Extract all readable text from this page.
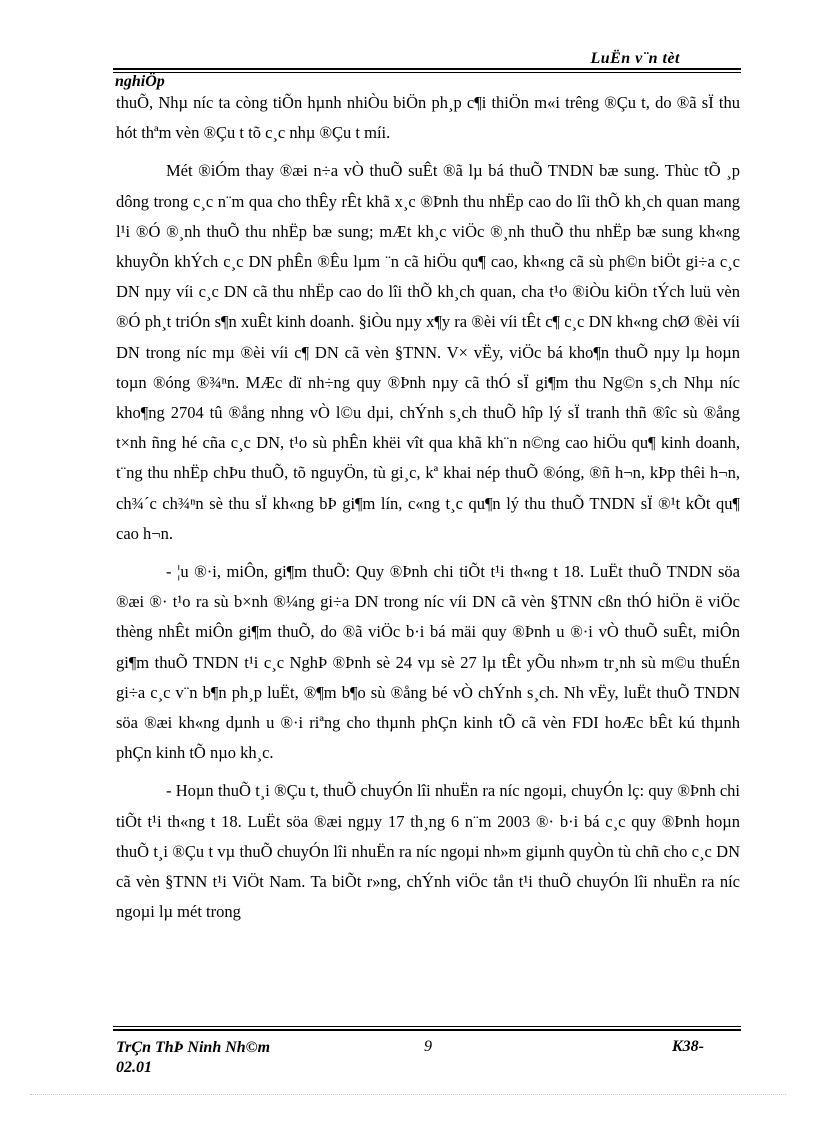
LuËn v¨n tèt
nghiÖp

thuÕ, Nhµ níc ta còng tiÕn hµnh nhiÒu biÖn ph¸p c¶i thiÖn m«i trêng ®Çu t, do ®ã sÏ thu hót thªm vèn ®Çu t tõ c¸c nhµ ®Çu t míi.

Mét ®iÓm thay ®æi n÷a vÒ thuÕ suÊt ®ã lµ bá thuÕ TNDN bæ sung. Thùc tÕ ¸p dông trong c¸c n¨m qua cho thÊy rÊt khã x¸c ®Þnh thu nhËp cao do lîi thÕ kh¸ch quan mang l¹i ®Ó ®¸nh thuÕ thu nhËp bæ sung; mÆt kh¸c viÖc ®¸nh thuÕ thu nhËp bæ sung kh«ng khuyÕn khÝch c¸c DN phÊn ®Êu lµm ¨n cã hiÖu qu¶ cao, kh«ng cã sù ph©n biÖt gi÷a c¸c DN nµy víi c¸c DN cã thu nhËp cao do lîi thÕ kh¸ch quan, cha t¹o ®iÒu kiÖn tÝch luü vèn ®Ó ph¸t triÓn s¶n xuÊt kinh doanh. §iÒu nµy x¶y ra ®èi víi tÊt c¶ c¸c DN kh«ng chØ ®èi víi DN trong níc mµ ®èi víi c¶ DN cã vèn §TNN. V× vËy, viÖc bá kho¶n thuÕ nµy lµ hoµn toµn ®óng ®¾ⁿn. MÆc dï nh÷ng quy ®Þnh nµy cã thÓ sÏ gi¶m thu Ng©n s¸ch Nhµ níc kho¶ng 2704 tû ®ång nhng vÒ l©u dµi, chÝnh s¸ch thuÕ hîp lý sÏ tranh thñ ®îc sù ®ång t×nh ñng hé cña c¸c DN, t¹o sù phÊn khëi vît qua khã kh¨n n©ng cao hiÖu qu¶ kinh doanh, t¨ng thu nhËp chÞu thuÕ, tõ nguyÖn, tù gi¸c, kª khai nép thuÕ ®óng, ®ñ h¬n, kÞp thêi h¬n, ch¾´c ch¾ⁿn sè thu sÏ kh«ng bÞ gi¶m lín, c«ng t¸c qu¶n lý thu thuÕ TNDN sÏ ®¹t kÕt qu¶ cao h¬n.

- ¦u ®·i, miÔn, gi¶m thuÕ: Quy ®Þnh chi tiÕt t¹i th«ng t 18. LuËt thuÕ TNDN söa ®æi ®· t¹o ra sù b×nh ®¼ng gi÷a DN trong níc víi DN cã vèn §TNN cßn thÓ hiÖn ë viÖc thèng nhÊt miÔn gi¶m thuÕ, do ®ã viÖc b·i bá mäi quy ®Þnh u ®·i vÒ thuÕ suÊt, miÔn gi¶m thuÕ TNDN t¹i c¸c NghÞ ®Þnh sè 24 vµ sè 27 lµ tÊt yÕu nh»m tr¸nh sù m©u thuÉn gi÷a c¸c v¨n b¶n ph¸p luËt, ®¶m b¶o sù ®ång bé vÒ chÝnh s¸ch. Nh vËy, luËt thuÕ TNDN söa ®æi kh«ng dµnh u ®·i riªng cho thµnh phÇn kinh tÕ cã vèn FDI hoÆc bÊt kú thµnh phÇn kinh tÕ nµo kh¸c.

- Hoµn thuÕ t¸i ®Çu t, thuÕ chuyÓn lîi nhuËn ra níc ngoµi, chuyÓn lç: quy ®Þnh chi tiÕt t¹i th«ng t 18. LuËt söa ®æi ngµy 17 th¸ng 6 n¨m 2003 ®· b·i bá c¸c quy ®Þnh hoµn thuÕ t¸i ®Çu t vµ thuÕ chuyÓn lîi nhuËn ra níc ngoµi nh»m giµnh quyÒn tù chñ cho c¸c DN cã vèn §TNN t¹i ViÖt Nam. Ta biÕt r»ng, chÝnh viÖc tån t¹i thuÕ chuyÓn lîi nhuËn ra níc ngoµi lµ mét trong

TrÇn ThÞ Ninh Nh©m
02.01
9	K38-
